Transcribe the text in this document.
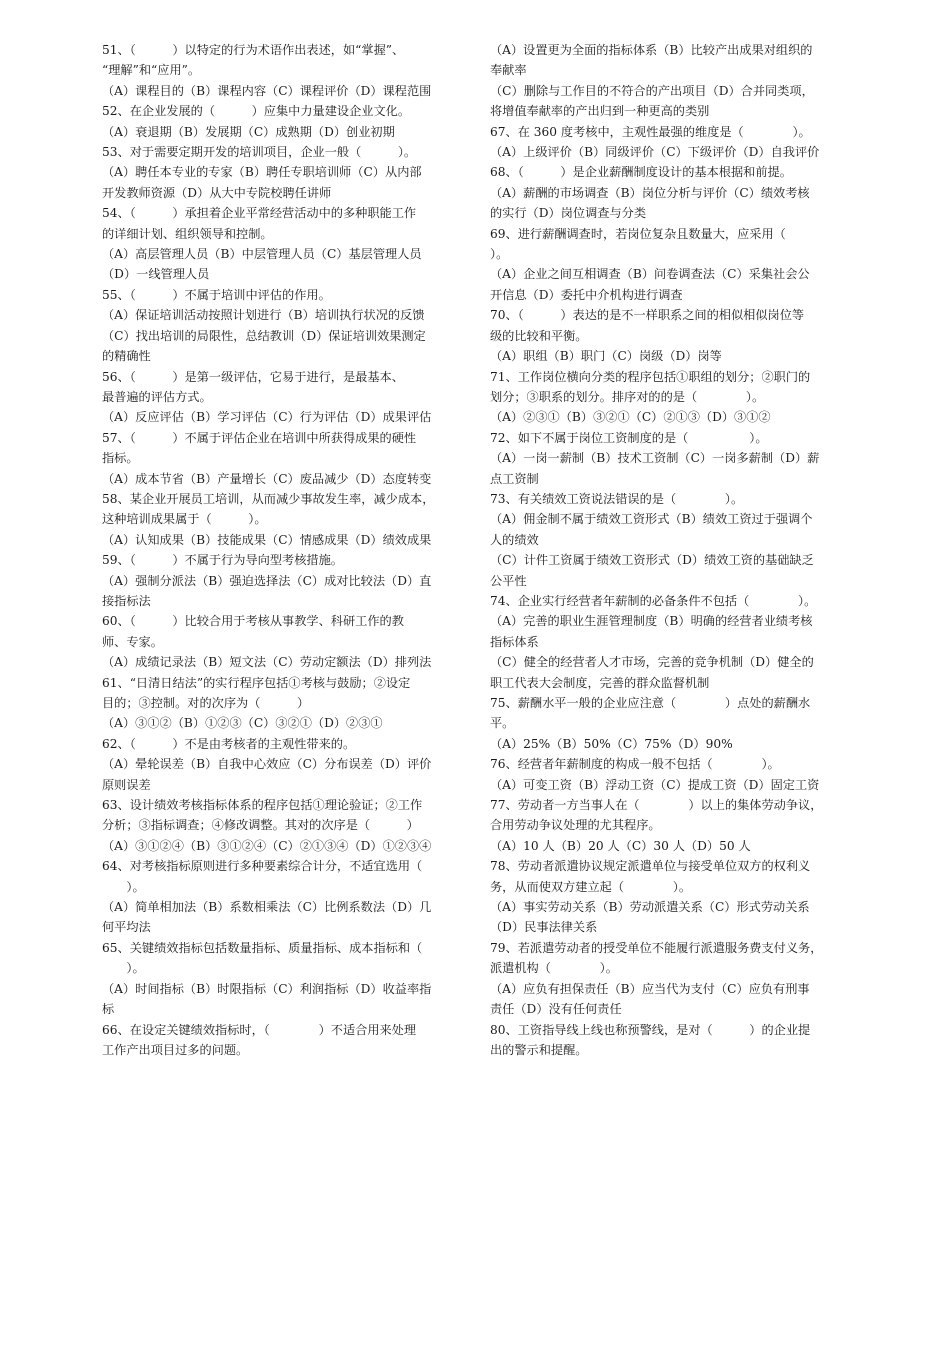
51、（　　　）以特定的行为术语作出表述，如“掌握”、
“理解”和“应用”。
（A）课程目的（B）课程内容（C）课程评价（D）课程范围
52、在企业发展的（　　　）应集中力量建设企业文化。
（A）衰退期（B）发展期（C）成熟期（D）创业初期
53、对于需要定期开发的培训项目，企业一般（　　　）。
（A）聘任本专业的专家（B）聘任专职培训师（C）从内部
开发教师资源（D）从大中专院校聘任讲师
54、（　　　）承担着企业平常经营活动中的多种职能工作
的详细计划、组织领导和控制。
（A）高层管理人员（B）中层管理人员（C）基层管理人员
（D）一线管理人员
55、（　　　）不属于培训中评估的作用。
（A）保证培训活动按照计划进行（B）培训执行状况的反馈
（C）找出培训的局限性，总结教训（D）保证培训效果测定
的精确性
56、（　　　）是第一级评估，它易于进行，是最基本、
最普遍的评估方式。
（A）反应评估（B）学习评估（C）行为评估（D）成果评估
57、（　　　）不属于评估企业在培训中所获得成果的硬性
指标。
（A）成本节省（B）产量增长（C）废品减少（D）态度转变
58、某企业开展员工培训，从而减少事故发生率，减少成本，
这种培训成果属于（　　　）。
（A）认知成果（B）技能成果（C）情感成果（D）绩效成果
59、（　　　）不属于行为导向型考核措施。
（A）强制分派法（B）强迫选择法（C）成对比较法（D）直
接指标法
60、（　　　）比较合用于考核从事教学、科研工作的教
师、专家。
（A）成绩记录法（B）短文法（C）劳动定额法（D）排列法
61、“日清日结法”的实行程序包括①考核与鼓励；②设定
目的；③控制。对的次序为（　　　）
（A）③①②（B）①②③（C）③②①（D）②③①
62、（　　　）不是由考核者的主观性带来的。
（A）晕轮误差（B）自我中心效应（C）分布误差（D）评价
原则误差
63、设计绩效考核指标体系的程序包括①理论验证；②工作
分析；③指标调查；④修改调整。其对的次序是（　　　）
（A）③①②④（B）③①②④（C）②①③④（D）①②③④
64、对考核指标原则进行多种要素综合计分，不适宜选用（
　　）。
（A）简单相加法（B）系数相乘法（C）比例系数法（D）几
何平均法
65、关键绩效指标包括数量指标、质量指标、成本指标和（
　　）。
（A）时间指标（B）时限指标（C）利润指标（D）收益率指
标
66、在设定关键绩效指标时，（　　　　）不适合用来处理
工作产出项目过多的问题。
（A）设置更为全面的指标体系（B）比较产出成果对组织的
奉献率
（C）删除与工作目的不符合的产出项目（D）合并同类项，
将增值奉献率的产出归到一种更高的类别
67、在 360 度考核中，主观性最强的维度是（　　　　）。
（A）上级评价（B）同级评价（C）下级评价（D）自我评价
68、（　　　）是企业薪酬制度设计的基本根据和前提。
（A）薪酬的市场调查（B）岗位分析与评价（C）绩效考核
的实行（D）岗位调查与分类
69、进行薪酬调查时，若岗位复杂且数量大，应采用（
）。
（A）企业之间互相调查（B）问卷调查法（C）采集社会公
开信息（D）委托中介机构进行调查
70、（　　　）表达的是不一样职系之间的相似相似岗位等
级的比较和平衡。
（A）职组（B）职门（C）岗级（D）岗等
71、工作岗位横向分类的程序包括①职组的划分；②职门的
划分；③职系的划分。排序对的的是（　　　　）。
（A）②③①（B）③②①（C）②①③（D）③①②
72、如下不属于岗位工资制度的是（　　　　　）。
（A）一岗一薪制（B）技术工资制（C）一岗多薪制（D）薪
点工资制
73、有关绩效工资说法错误的是（　　　　）。
（A）佣金制不属于绩效工资形式（B）绩效工资过于强调个
人的绩效
（C）计件工资属于绩效工资形式（D）绩效工资的基础缺乏
公平性
74、企业实行经营者年薪制的必备条件不包括（　　　　）。
（A）完善的职业生涯管理制度（B）明确的经营者业绩考核
指标体系
（C）健全的经营者人才市场，完善的竞争机制（D）健全的
职工代表大会制度，完善的群众监督机制
75、薪酬水平一般的企业应注意（　　　　）点处的薪酬水
平。
（A）25%（B）50%（C）75%（D）90%
76、经营者年薪制度的构成一般不包括（　　　　）。
（A）可变工资（B）浮动工资（C）提成工资（D）固定工资
77、劳动者一方当事人在（　　　　）以上的集体劳动争议，
合用劳动争议处理的尤其程序。
（A）10 人（B）20 人（C）30 人（D）50 人
78、劳动者派遣协议规定派遣单位与接受单位双方的权利义
务，从而使双方建立起（　　　　）。
（A）事实劳动关系（B）劳动派遣关系（C）形式劳动关系
（D）民事法律关系
79、若派遣劳动者的授受单位不能履行派遣服务费支付义务，
派遣机构（　　　　）。
（A）应负有担保责任（B）应当代为支付（C）应负有刑事
责任（D）没有任何责任
80、工资指导线上线也称预警线，是对（　　　）的企业提
出的警示和提醒。
